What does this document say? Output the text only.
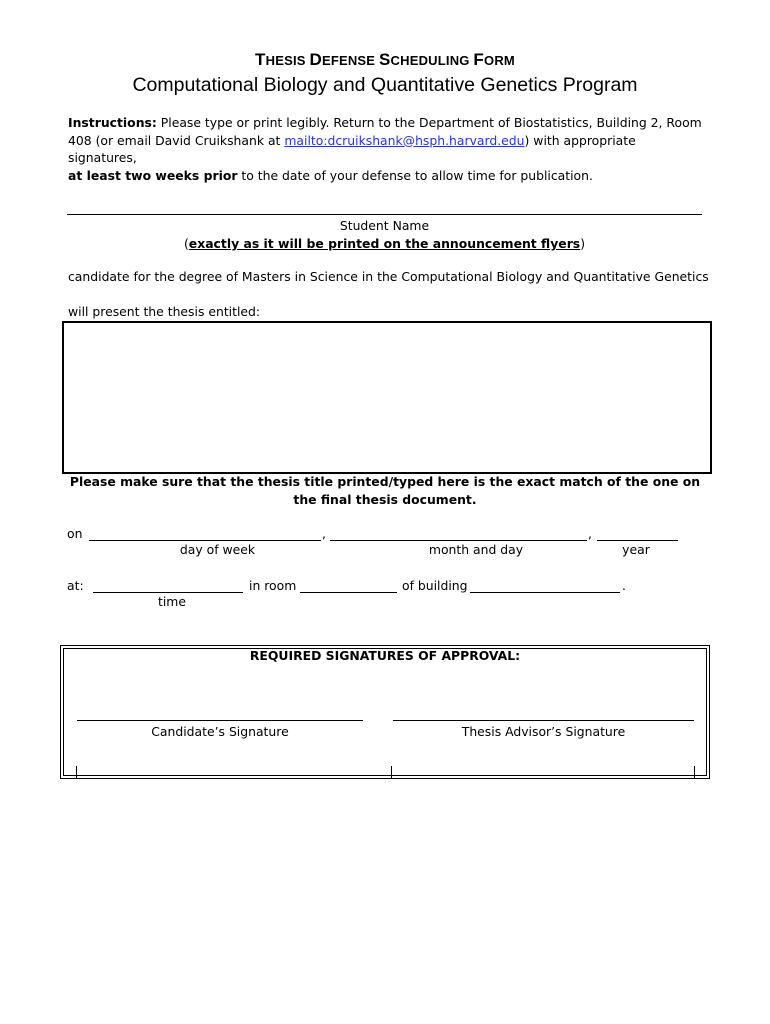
THESIS DEFENSE SCHEDULING FORM
Computational Biology and Quantitative Genetics Program
Instructions: Please type or print legibly. Return to the Department of Biostatistics, Building 2, Room 408 (or email David Cruikshank at mailto:dcruikshank@hsph.harvard.edu) with appropriate signatures,
at least two weeks prior to the date of your defense to allow time for publication.
Student Name
(exactly as it will be printed on the announcement flyers)
candidate for the degree of Masters in Science in the Computational Biology and Quantitative Genetics
will present the thesis entitled:
Please make sure that the thesis title printed/typed here is the exact match of the one on the final thesis document.
on	,	,
day of week	month and day	year
at:	in room	of building	.
time
REQUIRED SIGNATURES OF APPROVAL:
Candidate’s Signature	Thesis Advisor’s Signature
